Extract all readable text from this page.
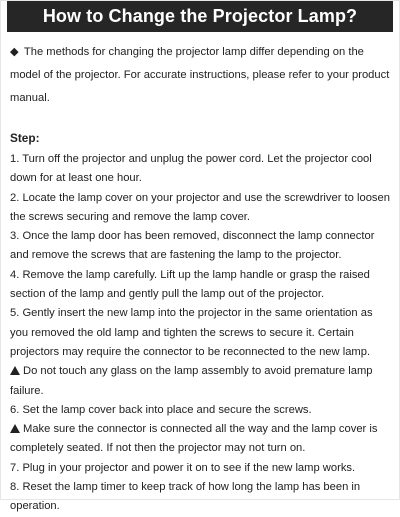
How to Change the Projector Lamp?
◆ The methods for changing the projector lamp differ depending on the model of the projector. For accurate instructions, please refer to your product manual.
Step:

1. Turn off the projector and unplug the power cord. Let the projector cool down for at least one hour.

2. Locate the lamp cover on your projector and use the screwdriver to loosen the screws securing and remove the lamp cover.

3. Once the lamp door has been removed, disconnect the lamp connector and remove the screws that are fastening the lamp to the projector.

4. Remove the lamp carefully. Lift up the lamp handle or grasp the raised section of the lamp and gently pull the lamp out of the projector.

5. Gently insert the new lamp into the projector in the same orientation as you removed the old lamp and tighten the screws to secure it. Certain projectors may require the connector to be reconnected to the new lamp.

Do not touch any glass on the lamp assembly to avoid premature lamp failure.

6. Set the lamp cover back into place and secure the screws.

Make sure the connector is connected all the way and the lamp cover is completely seated. If not then the projector may not turn on.

7. Plug in your projector and power it on to see if the new lamp works.

8. Reset the lamp timer to keep track of how long the lamp has been in operation.
